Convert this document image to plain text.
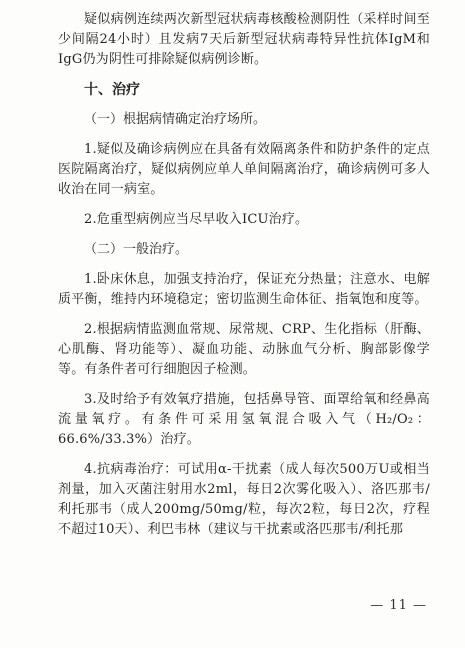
疑似病例连续两次新型冠状病毒核酸检测阴性（采样时间至少间隔24小时）且发病7天后新型冠状病毒特异性抗体IgM和IgG仍为阴性可排除疑似病例诊断。

十、治疗

（一）根据病情确定治疗场所。

1.疑似及确诊病例应在具备有效隔离条件和防护条件的定点医院隔离治疗，疑似病例应单人单间隔离治疗，确诊病例可多人收治在同一病室。

2.危重型病例应当尽早收入ICU治疗。

（二）一般治疗。

1.卧床休息，加强支持治疗，保证充分热量；注意水、电解质平衡，维持内环境稳定；密切监测生命体征、指氧饱和度等。

2.根据病情监测血常规、尿常规、CRP、生化指标（肝酶、心肌酶、肾功能等）、凝血功能、动脉血气分析、胸部影像学等。有条件者可行细胞因子检测。

3.及时给予有效氧疗措施，包括鼻导管、面罩给氧和经鼻高流量氧疗。有条件可采用氢氧混合吸入气（H₂/O₂：66.6%/33.3%）治疗。

4.抗病毒治疗：可试用α-干扰素（成人每次500万U或相当剂量，加入灭菌注射用水2ml，每日2次雾化吸入）、洛匹那韦/利托那韦（成人200mg/50mg/粒，每次2粒，每日2次，疗程不超过10天）、利巴韦林（建议与干扰素或洛匹那韦/利托那

— 11 —
